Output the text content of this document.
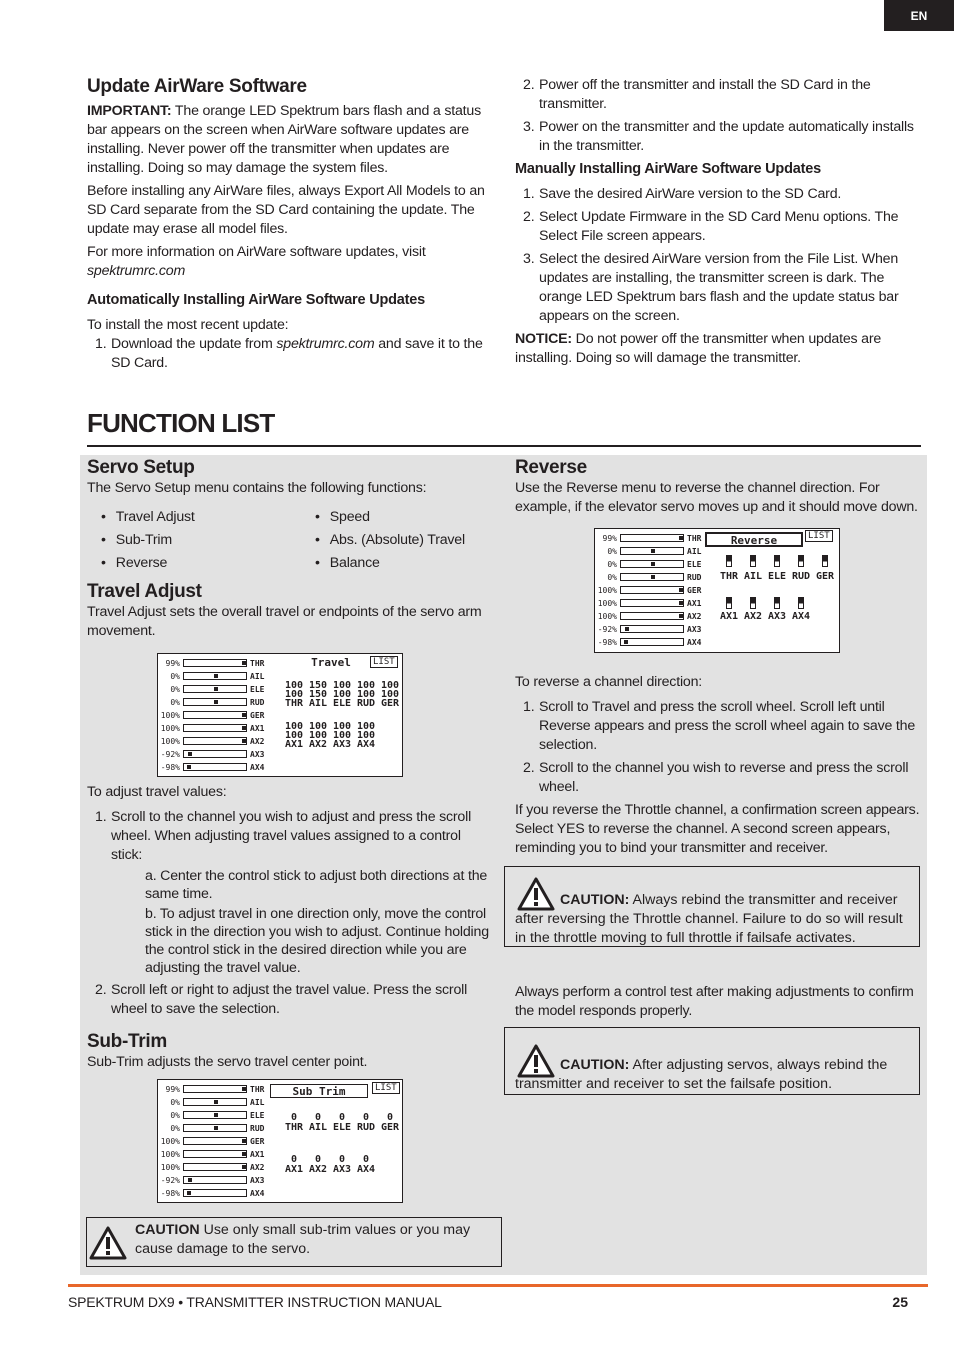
EN
Update AirWare Software

IMPORTANT: The orange LED Spektrum bars flash and a status bar appears on the screen when AirWare software updates are installing. Never power off the transmitter when updates are installing. Doing so may damage the system files.

Before installing any AirWare files, always Export All Models to an SD Card separate from the SD Card containing the update. The update may erase all model files.

For more information on AirWare software updates, visit spektrumrc.com

Automatically Installing AirWare Software Updates

To install the most recent update:

1. Download the update from spektrumrc.com and save it to the SD Card.
2. Power off the transmitter and install the SD Card in the transmitter.
3. Power on the transmitter and the update automatically installs in the transmitter.
Manually Installing AirWare Software Updates
1. Save the desired AirWare version to the SD Card.
2. Select Update Firmware in the SD Card Menu options. The Select File screen appears.
3. Select the desired AirWare version from the File List. When updates are installing, the transmitter screen is dark. The orange LED Spektrum bars flash and the update status bar appears on the screen.

NOTICE: Do not power off the transmitter when updates are installing. Doing so will damage the transmitter.

FUNCTION LIST
Servo Setup

The Servo Setup menu contains the following functions:

• Travel Adjust	• Speed
• Sub-Trim	• Abs. (Absolute) Travel
• Reverse	• Balance
Travel Adjust

Travel Adjust sets the overall travel or endpoints of the servo arm movement.

Travel	LIST
100 150 100 100 100
100 150 100 100 100
THR AIL ELE RUD GER
100 100 100 100
100 100 100 100
AX1 AX2 AX3 AX4
99%	THR
0%	AIL
0%	ELE
0%	RUD
100%	GER
100%	AX1
100%	AX2
-92%	AX3
-98%	AX4

To adjust travel values:

1. Scroll to the channel you wish to adjust and press the scroll wheel. When adjusting travel values assigned to a control stick:
a. Center the control stick to adjust both directions at the same time.
b. To adjust travel in one direction only, move the control stick in the direction you wish to adjust. Continue holding the control stick in the desired direction while you are adjusting the travel value.
2. Scroll left or right to adjust the travel value. Press the scroll wheel to save the selection.
Sub-Trim

Sub-Trim adjusts the servo travel center point.

Sub Trim	LIST
0	0	0	0	0
THR AIL ELE RUD GER
0	0	0	0
AX1 AX2 AX3 AX4
99%	THR
0%	AIL
0%	ELE
0%	RUD
100%	GER
100%	AX1
100%	AX2
-92%	AX3
-98%	AX4
CAUTION Use only small sub-trim values or you may cause damage to the servo.
Reverse

Use the Reverse menu to reverse the channel direction. For example, if the elevator servo moves up and it should move down.

Reverse	LIST
THR AIL ELE RUD GER
AX1 AX2 AX3 AX4
99%	THR
0%	AIL
0%	ELE
0%	RUD
100%	GER
100%	AX1
100%	AX2
-92%	AX3
-98%	AX4

To reverse a channel direction:

1. Scroll to Travel and press the scroll wheel. Scroll left until Reverse appears and press the scroll wheel again to save the selection.
2. Scroll to the channel you wish to reverse and press the scroll wheel.

If you reverse the Throttle channel, a confirmation screen appears. Select YES to reverse the channel. A second screen appears, reminding you to bind your transmitter and receiver.

CAUTION: Always rebind the transmitter and receiver after reversing the Throttle channel. Failure to do so will result in the throttle moving to full throttle if failsafe activates.

Always perform a control test after making adjustments to confirm the model responds properly.

CAUTION: After adjusting servos, always rebind the transmitter and receiver to set the failsafe position.
SPEKTRUM DX9 • TRANSMITTER INSTRUCTION MANUAL	25
